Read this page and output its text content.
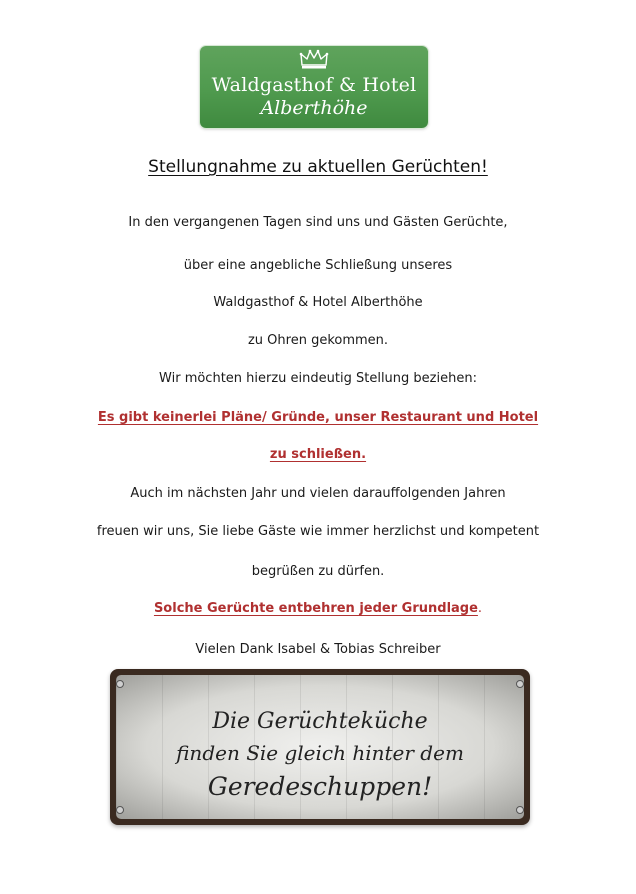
Waldgasthof & Hotel
Alberthöhe
Stellungnahme zu aktuellen Gerüchten!
In den vergangenen Tagen sind uns und Gästen Gerüchte,
über eine angebliche Schließung unseres
Waldgasthof & Hotel Alberthöhe
zu Ohren gekommen.
Wir möchten hierzu eindeutig Stellung beziehen:
Es gibt keinerlei Pläne/ Gründe, unser Restaurant und Hotel
zu schließen.
Auch im nächsten Jahr und vielen darauffolgenden Jahren
freuen wir uns, Sie liebe Gäste wie immer herzlichst und kompetent
begrüßen zu dürfen.
Solche Gerüchte entbehren jeder Grundlage.
Vielen Dank Isabel & Tobias Schreiber
Die Gerüchteküche
finden Sie gleich hinter dem
Geredeschuppen!
